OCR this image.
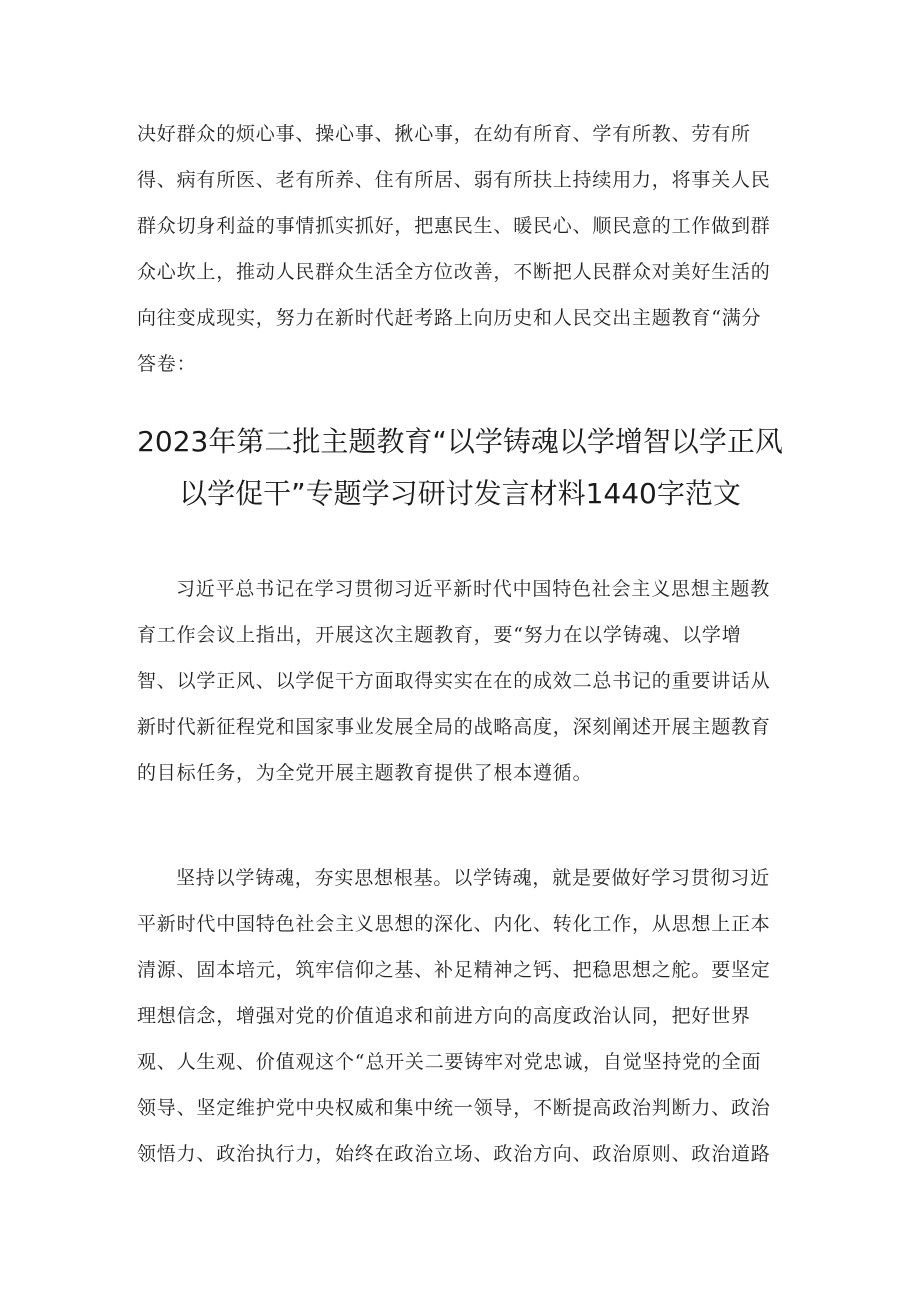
决好群众的烦心事、操心事、揪心事，在幼有所育、学有所教、劳有所
得、病有所医、老有所养、住有所居、弱有所扶上持续用力，将事关人民
群众切身利益的事情抓实抓好，把惠民生、暖民心、顺民意的工作做到群
众心坎上，推动人民群众生活全方位改善，不断把人民群众对美好生活的
向往变成现实，努力在新时代赶考路上向历史和人民交出主题教育“满分
答卷：
2023年第二批主题教育“以学铸魂以学增智以学正风
以学促干”专题学习研讨发言材料1440字范文
习近平总书记在学习贯彻习近平新时代中国特色社会主义思想主题教
育工作会议上指出，开展这次主题教育，要“努力在以学铸魂、以学增
智、以学正风、以学促干方面取得实实在在的成效二总书记的重要讲话从
新时代新征程党和国家事业发展全局的战略高度，深刻阐述开展主题教育
的目标任务，为全党开展主题教育提供了根本遵循。
坚持以学铸魂，夯实思想根基。以学铸魂，就是要做好学习贯彻习近
平新时代中国特色社会主义思想的深化、内化、转化工作，从思想上正本
清源、固本培元，筑牢信仰之基、补足精神之钙、把稳思想之舵。要坚定
理想信念，增强对党的价值追求和前进方向的高度政治认同，把好世界
观、人生观、价值观这个“总开关二要铸牢对党忠诚，自觉坚持党的全面
领导、坚定维护党中央权威和集中统一领导，不断提高政治判断力、政治
领悟力、政治执行力，始终在政治立场、政治方向、政治原则、政治道路
